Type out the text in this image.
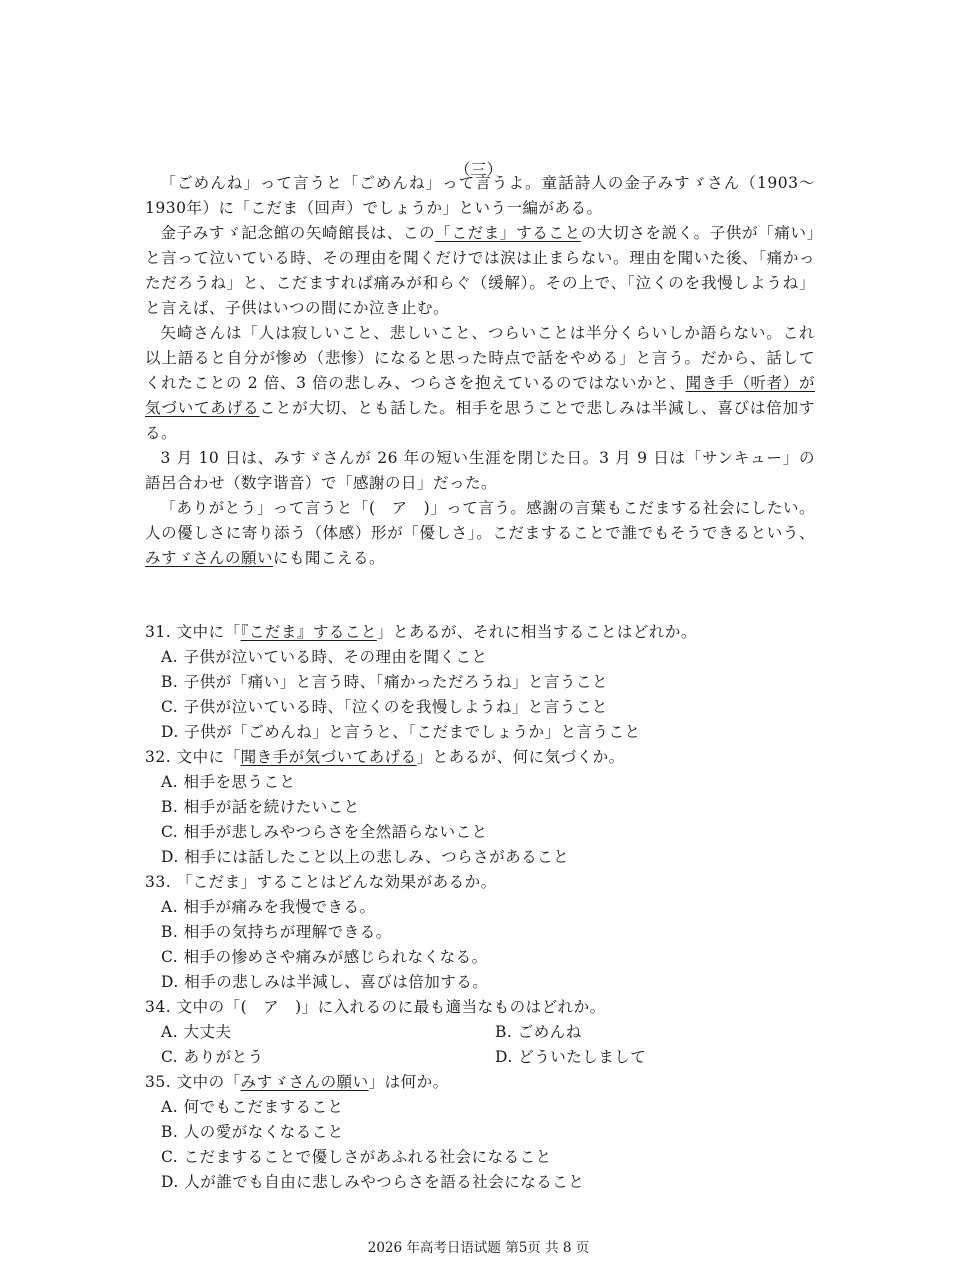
（三）

「ごめんね」って言うと「ごめんね」って言うよ。童話詩人の金子みすゞさん（1903〜1930年）に「こだま（回声）でしょうか」という一編がある。

金子みすゞ記念館の矢崎館長は、この「こだま」することの大切さを説く。子供が「痛い」と言って泣いている時、その理由を聞くだけでは涙は止まらない。理由を聞いた後、「痛かっただろうね」と、こだますれば痛みが和らぐ（缓解）。その上で、「泣くのを我慢しようね」と言えば、子供はいつの間にか泣き止む。

矢崎さんは「人は寂しいこと、悲しいこと、つらいことは半分くらいしか語らない。これ以上語ると自分が惨め（悲惨）になると思った時点で話をやめる」と言う。だから、話してくれたことの 2 倍、3 倍の悲しみ、つらさを抱えているのではないかと、聞き手（听者）が気づいてあげることが大切、とも話した。相手を思うことで悲しみは半減し、喜びは倍加する。

3 月 10 日は、みすゞさんが 26 年の短い生涯を閉じた日。3 月 9 日は「サンキュー」の語呂合わせ（数字谐音）で「感謝の日」だった。

「ありがとう」って言うと「(　ア　)」って言う。感謝の言葉もこだまする社会にしたい。人の優しさに寄り添う（体感）形が「優しさ」。こだますることで誰でもそうできるという、みすゞさんの願いにも聞こえる。

31. 文中に「『こだま』すること」とあるが、それに相当することはどれか。
A. 子供が泣いている時、その理由を聞くこと
B. 子供が「痛い」と言う時、「痛かっただろうね」と言うこと
C. 子供が泣いている時、「泣くのを我慢しようね」と言うこと
D. 子供が「ごめんね」と言うと、「こだまでしょうか」と言うこと
32. 文中に「聞き手が気づいてあげる」とあるが、何に気づくか。
A. 相手を思うこと
B. 相手が話を続けたいこと
C. 相手が悲しみやつらさを全然語らないこと
D. 相手には話したこと以上の悲しみ、つらさがあること
33. 「こだま」することはどんな効果があるか。
A. 相手が痛みを我慢できる。
B. 相手の気持ちが理解できる。
C. 相手の惨めさや痛みが感じられなくなる。
D. 相手の悲しみは半減し、喜びは倍加する。
34. 文中の「(　ア　)」に入れるのに最も適当なものはどれか。
A. 大丈夫	B. ごめんね
C. ありがとう	D. どういたしまして
35. 文中の「みすゞさんの願い」は何か。
A. 何でもこだますること
B. 人の愛がなくなること
C. こだますることで優しさがあふれる社会になること
D. 人が誰でも自由に悲しみやつらさを語る社会になること
2026 年高考日语试题 第5页 共 8 页
